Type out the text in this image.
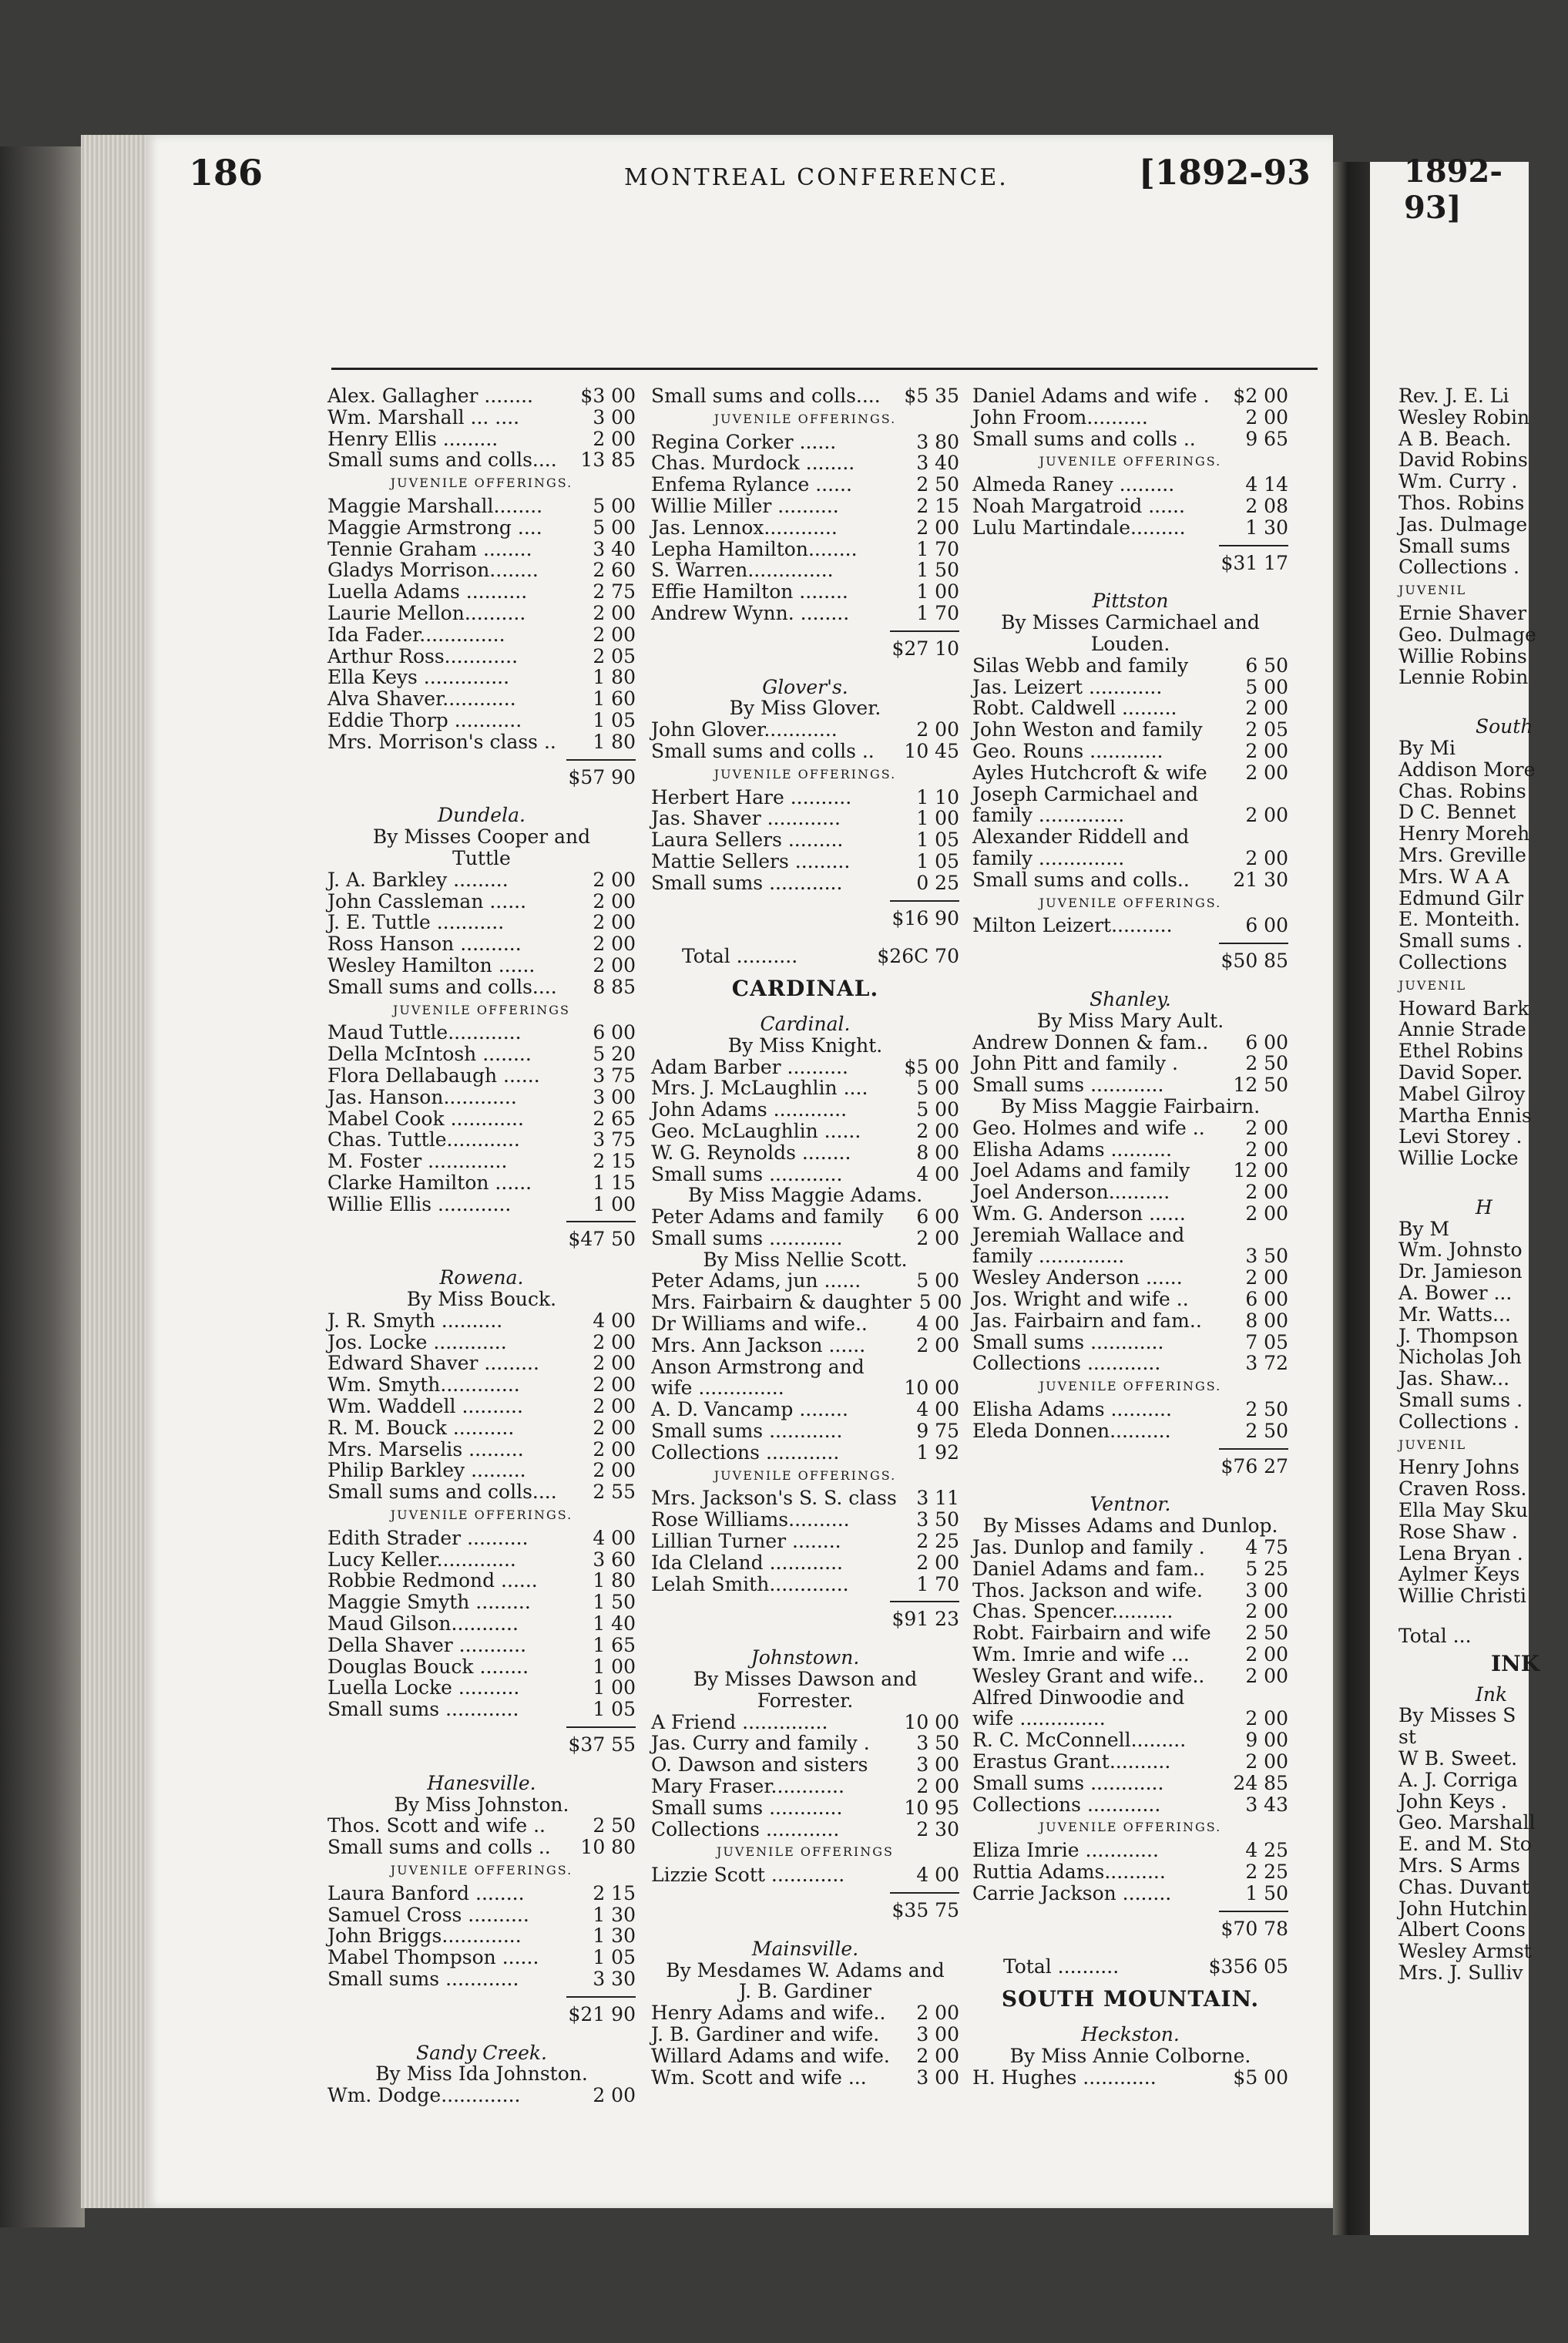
186	MONTREAL CONFERENCE.	[1892-93	1892-93]
Alex. Gallagher ........	$3 00
Wm. Marshall ... ....	3 00
Henry Ellis .........	2 00
Small sums and colls....	13 85
JUVENILE OFFERINGS.
Maggie Marshall........	5 00
Maggie Armstrong ....	5 00
Tennie Graham ........	3 40
Gladys Morrison........	2 60
Luella Adams ..........	2 75
Laurie Mellon..........	2 00
Ida Fader..............	2 00
Arthur Ross............	2 05
Ella Keys ..............	1 80
Alva Shaver............	1 60
Eddie Thorp ...........	1 05
Mrs. Morrison's class ..	1 80
$57 90
Dundela.
By Misses Cooper and
Tuttle
J. A. Barkley .........	2 00
John Cassleman ......	2 00
J. E. Tuttle ...........	2 00
Ross Hanson ..........	2 00
Wesley Hamilton ......	2 00
Small sums and colls....	8 85
JUVENILE OFFERINGS
Maud Tuttle............	6 00
Della McIntosh ........	5 20
Flora Dellabaugh ......	3 75
Jas. Hanson............	3 00
Mabel Cook ............	2 65
Chas. Tuttle............	3 75
M. Foster .............	2 15
Clarke Hamilton ......	1 15
Willie Ellis ............	1 00
$47 50
Rowena.
By Miss Bouck.
J. R. Smyth ..........	4 00
Jos. Locke ............	2 00
Edward Shaver .........	2 00
Wm. Smyth.............	2 00
Wm. Waddell ..........	2 00
R. M. Bouck ..........	2 00
Mrs. Marselis .........	2 00
Philip Barkley .........	2 00
Small sums and colls....	2 55
JUVENILE OFFERINGS.
Edith Strader ..........	4 00
Lucy Keller.............	3 60
Robbie Redmond ......	1 80
Maggie Smyth .........	1 50
Maud Gilson...........	1 40
Della Shaver ...........	1 65
Douglas Bouck ........	1 00
Luella Locke ..........	1 00
Small sums ............	1 05
$37 55
Hanesville.
By Miss Johnston.
Thos. Scott and wife ..	2 50
Small sums and colls ..	10 80
JUVENILE OFFERINGS.
Laura Banford ........	2 15
Samuel Cross ..........	1 30
John Briggs.............	1 30
Mabel Thompson ......	1 05
Small sums ............	3 30
$21 90
Sandy Creek.
By Miss Ida Johnston.
Wm. Dodge.............	2 00
Small sums and colls....	$5 35
JUVENILE OFFERINGS.
Regina Corker ......	3 80
Chas. Murdock ........	3 40
Enfema Rylance ......	2 50
Willie Miller ..........	2 15
Jas. Lennox............	2 00
Lepha Hamilton........	1 70
S. Warren..............	1 50
Effie Hamilton ........	1 00
Andrew Wynn. ........	1 70
$27 10
Glover's.
By Miss Glover.
John Glover............	2 00
Small sums and colls ..	10 45
JUVENILE OFFERINGS.
Herbert Hare ..........	1 10
Jas. Shaver ............	1 00
Laura Sellers .........	1 05
Mattie Sellers .........	1 05
Small sums ............	0 25
$16 90
Total ..........	$26C 70
CARDINAL.
Cardinal.
By Miss Knight.
Adam Barber ..........	$5 00
Mrs. J. McLaughlin ....	5 00
John Adams ............	5 00
Geo. McLaughlin ......	2 00
W. G. Reynolds ........	8 00
Small sums ............	4 00
By Miss Maggie Adams.
Peter Adams and family	6 00
Small sums ............	2 00
By Miss Nellie Scott.
Peter Adams, jun ......	5 00
Mrs. Fairbairn & daughter 5 00
Dr Williams and wife..	4 00
Mrs. Ann Jackson ......	2 00
Anson Armstrong and
wife ..............	10 00
A. D. Vancamp ........	4 00
Small sums ............	9 75
Collections ............	1 92
JUVENILE OFFERINGS.
Mrs. Jackson's S. S. class	3 11
Rose Williams..........	3 50
Lillian Turner ........	2 25
Ida Cleland ............	2 00
Lelah Smith.............	1 70
$91 23
Johnstown.
By Misses Dawson and
Forrester.
A Friend ..............	10 00
Jas. Curry and family .	3 50
O. Dawson and sisters	3 00
Mary Fraser............	2 00
Small sums ............	10 95
Collections ............	2 30
JUVENILE OFFERINGS
Lizzie Scott ............	4 00
$35 75
Mainsville.
By Mesdames W. Adams and
J. B. Gardiner
Henry Adams and wife..	2 00
J. B. Gardiner and wife.	3 00
Willard Adams and wife.	2 00
Wm. Scott and wife ...	3 00
Daniel Adams and wife .	$2 00
John Froom..........	2 00
Small sums and colls ..	9 65
JUVENILE OFFERINGS.
Almeda Raney .........	4 14
Noah Margatroid ......	2 08
Lulu Martindale.........	1 30
$31 17
Pittston
By Misses Carmichael and
Louden.
Silas Webb and family	6 50
Jas. Leizert ............	5 00
Robt. Caldwell .........	2 00
John Weston and family	2 05
Geo. Rouns ............	2 00
Ayles Hutchcroft & wife	2 00
Joseph Carmichael and
family ..............	2 00
Alexander Riddell and
family ..............	2 00
Small sums and colls..	21 30
JUVENILE OFFERINGS.
Milton Leizert..........	6 00
$50 85
Shanley.
By Miss Mary Ault.
Andrew Donnen & fam..	6 00
John Pitt and family .	2 50
Small sums ............	12 50
By Miss Maggie Fairbairn.
Geo. Holmes and wife ..	2 00
Elisha Adams ..........	2 00
Joel Adams and family	12 00
Joel Anderson..........	2 00
Wm. G. Anderson ......	2 00
Jeremiah Wallace and
family ..............	3 50
Wesley Anderson ......	2 00
Jos. Wright and wife ..	6 00
Jas. Fairbairn and fam..	8 00
Small sums ............	7 05
Collections ............	3 72
JUVENILE OFFERINGS.
Elisha Adams ..........	2 50
Eleda Donnen..........	2 50
$76 27
Ventnor.
By Misses Adams and Dunlop.
Jas. Dunlop and family .	4 75
Daniel Adams and fam..	5 25
Thos. Jackson and wife.	3 00
Chas. Spencer..........	2 00
Robt. Fairbairn and wife	2 50
Wm. Imrie and wife ...	2 00
Wesley Grant and wife..	2 00
Alfred Dinwoodie and
wife ..............	2 00
R. C. McConnell.........	9 00
Erastus Grant..........	2 00
Small sums ............	24 85
Collections ............	3 43
JUVENILE OFFERINGS.
Eliza Imrie ............	4 25
Ruttia Adams..........	2 25
Carrie Jackson ........	1 50
$70 78
Total ..........	$356 05
SOUTH MOUNTAIN.
Heckston.
By Miss Annie Colborne.
H. Hughes ............	$5 00
Rev. J. E. Li
Wesley Robin
A B. Beach.
David Robins
Wm. Curry .
Thos. Robins
Jas. Dulmage
Small sums
Collections .
JUVENIL
Ernie Shaver
Geo. Dulmage
Willie Robins
Lennie Robin
South
By Mi
Addison More
Chas. Robins
D C. Bennet
Henry Moreh
Mrs. Greville
Mrs. W A A
Edmund Gilr
E. Monteith.
Small sums .
Collections
JUVENIL
Howard Bark
Annie Strade
Ethel Robins
David Soper.
Mabel Gilroy
Martha Ennis
Levi Storey .
Willie Locke
H
By M
Wm. Johnsto
Dr. Jamieson
A. Bower ...
Mr. Watts...
J. Thompson
Nicholas Joh
Jas. Shaw...
Small sums .
Collections .
JUVENIL
Henry Johns
Craven Ross.
Ella May Sku
Rose Shaw .
Lena Bryan .
Aylmer Keys
Willie Christi
Total ...
INK
Ink
By Misses S
st
W B. Sweet.
A. J. Corriga
John Keys .
Geo. Marshall
E. and M. Sto
Mrs. S Arms
Chas. Duvant
John Hutchin
Albert Coons
Wesley Armst
Mrs. J. Sulliv
